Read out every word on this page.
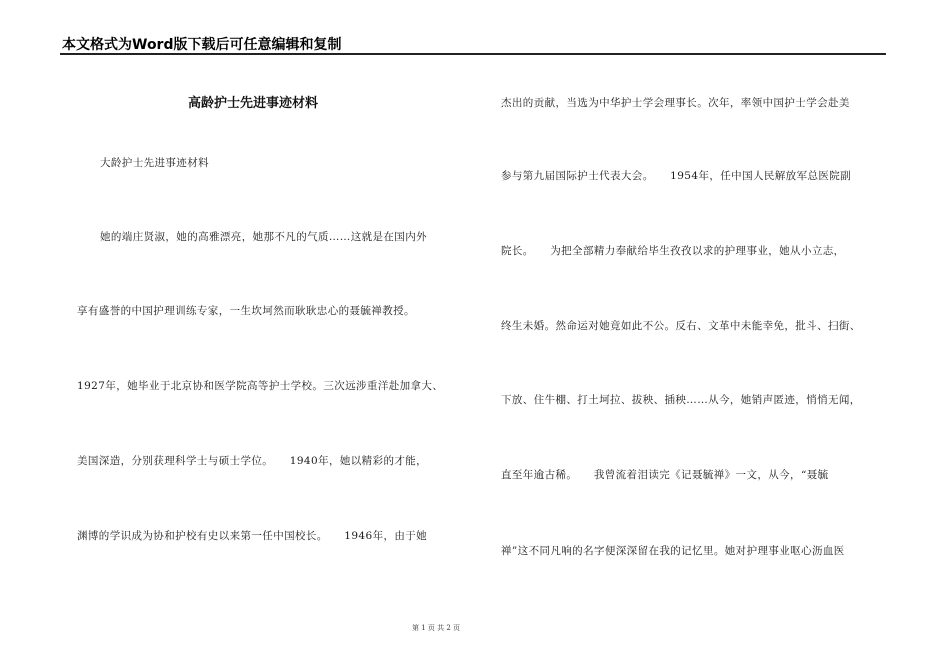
本文格式为Word版下载后可任意编辑和复制
高龄护士先进事迹材料
大龄护士先进事迹材料
她的端庄贤淑，她的高雅漂亮，她那不凡的气质……这就是在国内外
享有盛誉的中国护理训练专家，一生坎坷然而耿耿忠心的聂毓禅教授。
1927年，她毕业于北京协和医学院高等护士学校。三次远涉重洋赴加拿大、
美国深造，分别获理科学士与硕士学位。　　1940年，她以精彩的才能，
渊博的学识成为协和护校有史以来第一任中国校长。　　1946年，由于她
杰出的贡献，当选为中华护士学会理事长。次年，率领中国护士学会赴美
参与第九届国际护士代表大会。　　1954年，任中国人民解放军总医院副
院长。　　为把全部精力奉献给毕生孜孜以求的护理事业，她从小立志，
终生未婚。然命运对她竟如此不公。反右、文革中未能幸免，批斗、扫街、
下放、住牛棚、打土坷拉、拔秧、插秧……从今，她销声匿迹，悄悄无闻，
直至年逾古稀。　　我曾流着泪读完《记聂毓禅》一文，从今，“聂毓
禅”这不同凡响的名字便深深留在我的记忆里。她对护理事业呕心沥血医
第 1 页 共 2 页
